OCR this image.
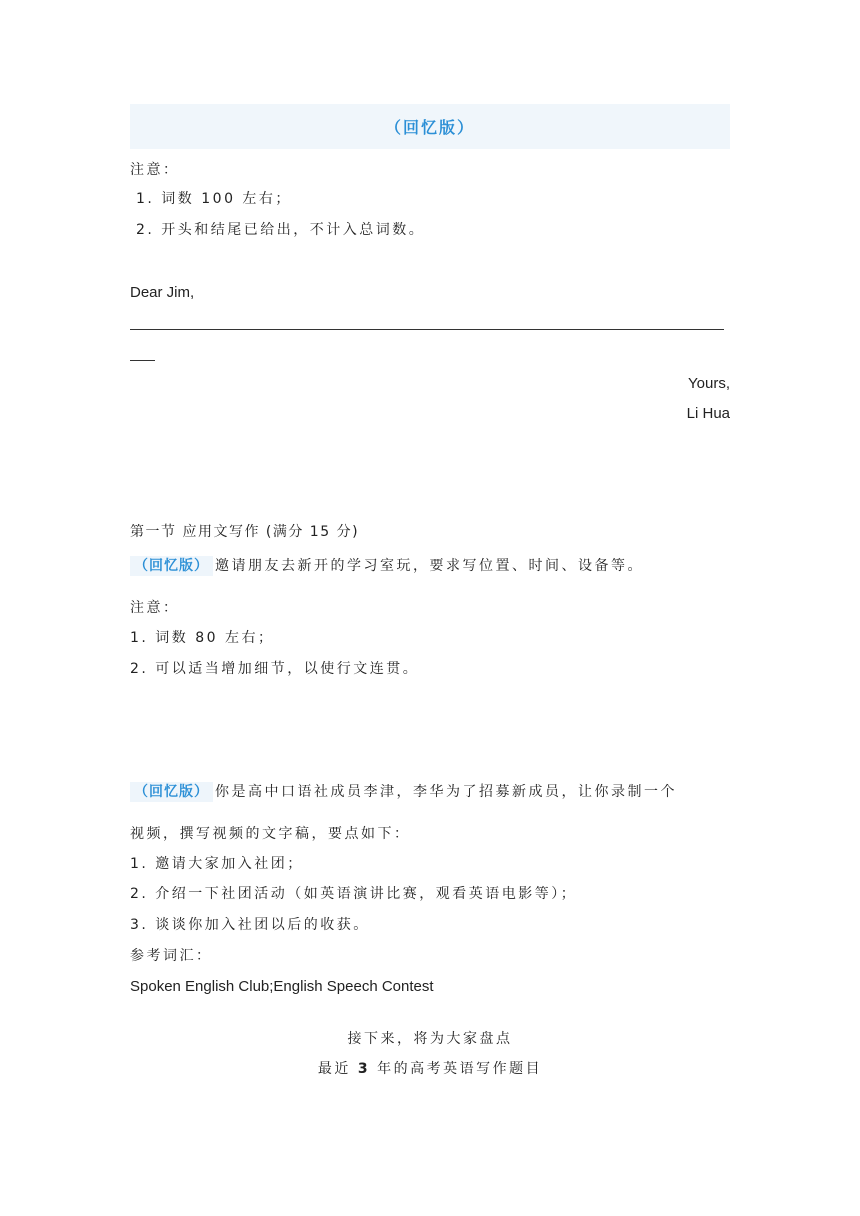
（回忆版）
注意：
1. 词数 100 左右；
2. 开头和结尾已给出，不计入总词数。
Dear Jim,
Yours,
Li Hua
第一节 应用文写作 (满分 15 分)
（回忆版） 邀请朋友去新开的学习室玩，要求写位置、时间、设备等。
注意：
1. 词数 80 左右；
2. 可以适当增加细节，以使行文连贯。
（回忆版） 你是高中口语社成员李津，李华为了招募新成员，让你录制一个
视频，撰写视频的文字稿，要点如下：
1. 邀请大家加入社团；
2. 介绍一下社团活动（如英语演讲比赛，观看英语电影等）；
3. 谈谈你加入社团以后的收获。
参考词汇：
Spoken English Club;English Speech Contest
接下来，将为大家盘点
最近 3 年的高考英语写作题目
